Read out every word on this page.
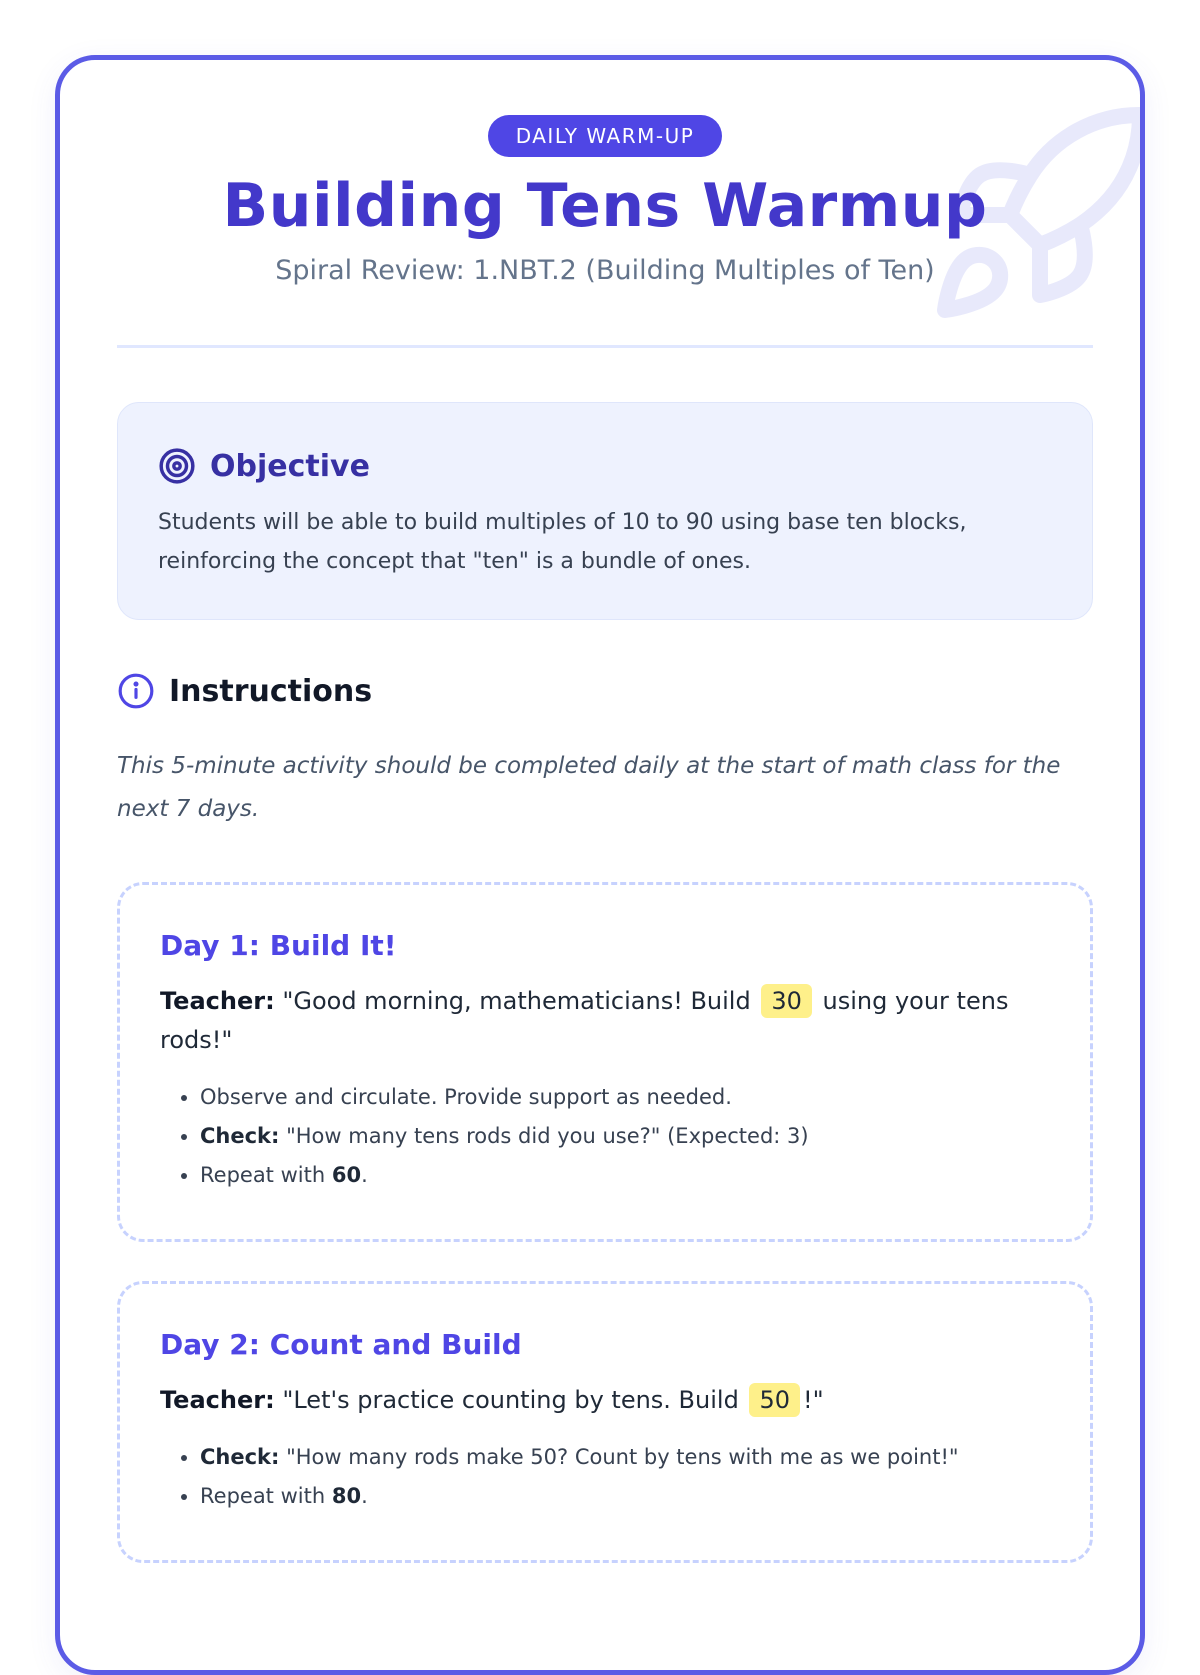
DAILY WARM-UP
Building Tens Warmup
Spiral Review: 1.NBT.2 (Building Multiples of Ten)
Objective
Students will be able to build multiples of 10 to 90 using base ten blocks, reinforcing the concept that "ten" is a bundle of ones.
Instructions
This 5-minute activity should be completed daily at the start of math class for the next 7 days.
Day 1: Build It!
Teacher: "Good morning, mathematicians! Build 30 using your tens rods!"
• Observe and circulate. Provide support as needed.
• Check: "How many tens rods did you use?" (Expected: 3)
• Repeat with 60.
Day 2: Count and Build
Teacher: "Let's practice counting by tens. Build 50 !"
• Check: "How many rods make 50? Count by tens with me as we point!"
• Repeat with 80.
